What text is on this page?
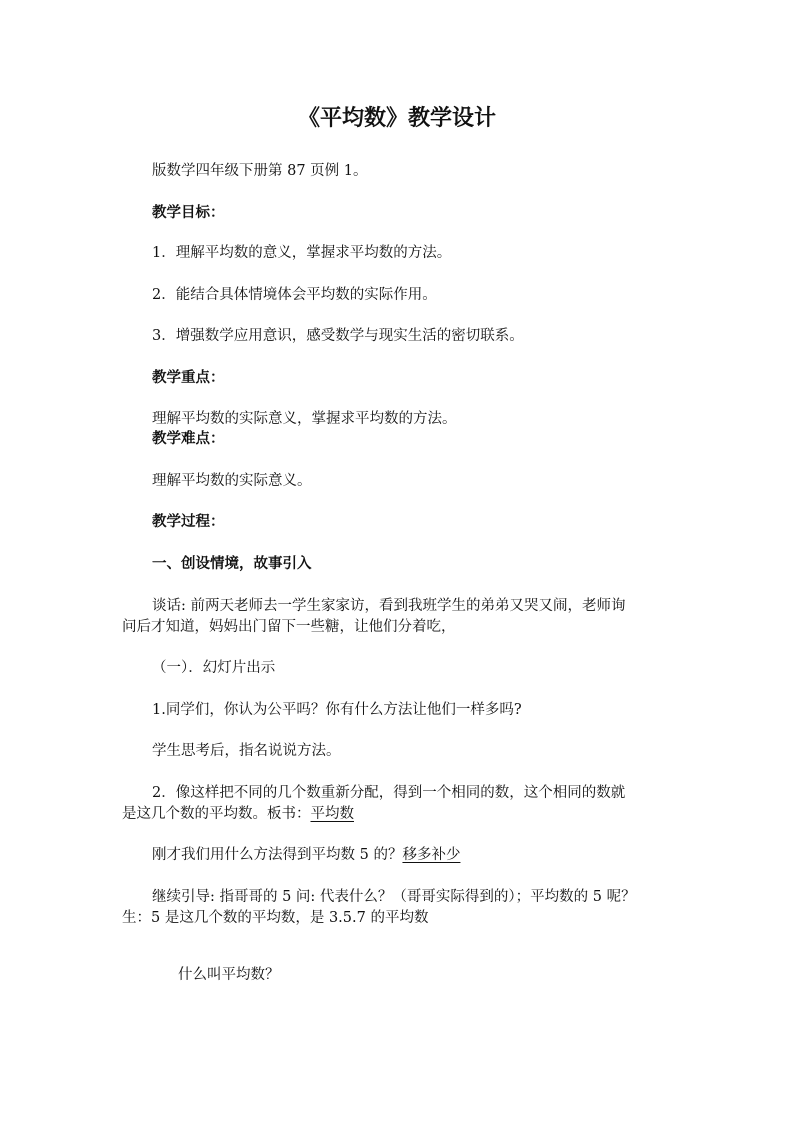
《平均数》教学设计
版数学四年级下册第 87 页例 1。
教学目标：
1．理解平均数的意义，掌握求平均数的方法。
2．能结合具体情境体会平均数的实际作用。
3．增强数学应用意识，感受数学与现实生活的密切联系。
教学重点：
理解平均数的实际意义，掌握求平均数的方法。
教学难点：
理解平均数的实际意义。
教学过程：
一、创设情境，故事引入
谈话: 前两天老师去一学生家家访，看到我班学生的弟弟又哭又闹，老师询
问后才知道，妈妈出门留下一些糖，让他们分着吃，
（一）．幻灯片出示
1.同学们，你认为公平吗？你有什么方法让他们一样多吗?
学生思考后，指名说说方法。
2．像这样把不同的几个数重新分配，得到一个相同的数，这个相同的数就
是这几个数的平均数。板书：平均数
刚才我们用什么方法得到平均数 5 的？移多补少
继续引导: 指哥哥的 5 问: 代表什么？（哥哥实际得到的）；平均数的 5 呢？
生：5 是这几个数的平均数，是 3.5.7 的平均数
什么叫平均数？
